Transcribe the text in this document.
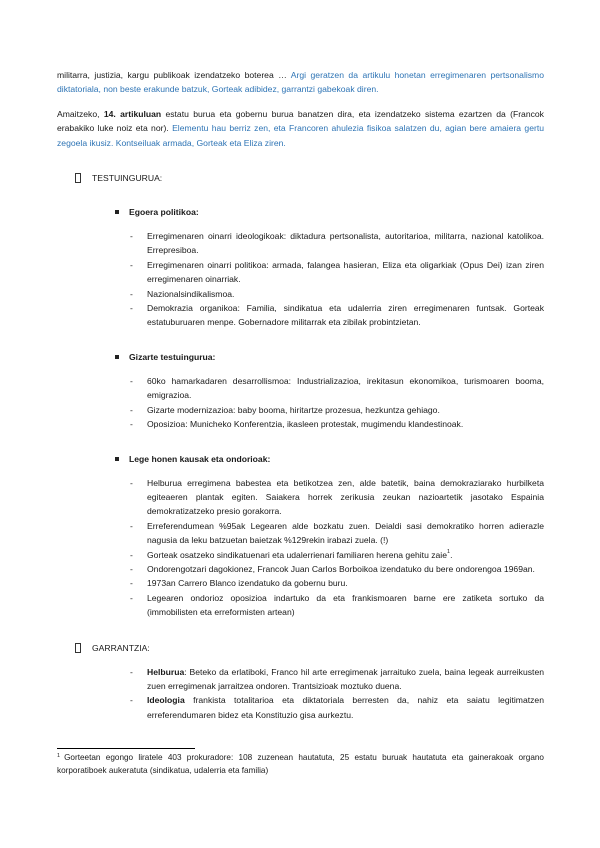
militarra, justizia, kargu publikoak izendatzeko boterea … Argi geratzen da artikulu honetan erregimenaren pertsonalismo diktatoriala, non beste erakunde batzuk, Gorteak adibidez, garrantzi gabekoak diren.

Amaitzeko, 14. artikuluan estatu burua eta gobernu burua banatzen dira, eta izendatzeko sistema ezartzen da (Francok erabakiko luke noiz eta nor). Elementu hau berriz zen, eta Francoren ahulezia fisikoa salatzen du, agian bere amaiera gertu zegoela ikusiz. Kontseiluak armada, Gorteak eta Eliza ziren.

TESTUINGURUA:
Egoera politikoa:
- Erregimenaren oinarri ideologikoak: diktadura pertsonalista, autoritarioa, militarra, nazional katolikoa. Errepresiboa.
- Erregimenaren oinarri politikoa: armada, falangea hasieran, Eliza eta oligarkiak (Opus Dei) izan ziren erregimenaren oinarriak.
- Nazionalsindikalismoa.
- Demokrazia organikoa: Familia, sindikatua eta udalerria ziren erregimenaren funtsak. Gorteak estatuburuaren menpe. Gobernadore militarrak eta zibilak probintzietan.
Gizarte testuingurua:
- 60ko hamarkadaren desarrollismoa: Industrializazioa, irekitasun ekonomikoa, turismoaren booma, emigrazioa.
- Gizarte modernizazioa: baby booma, hiritartze prozesua, hezkuntza gehiago.
- Oposizioa: Municheko Konferentzia, ikasleen protestak, mugimendu klandestinoak.
Lege honen kausak eta ondorioak:
- Helburua erregimena babestea eta betikotzea zen, alde batetik, baina demokraziarako hurbilketa egiteaeren plantak egiten. Saiakera horrek zerikusia zeukan nazioartetik jasotako Espainia demokratizatzeko presio gorakorra.
- Erreferendumean %95ak Legearen alde bozkatu zuen. Deialdi sasi demokratiko horren adierazle nagusia da leku batzuetan baietzak %129rekin irabazi zuela. (!)
- Gorteak osatzeko sindikatuenari eta udalerrienari familiaren herena gehitu zaie$^1$.
- Ondorengotzari dagokionez, Francok Juan Carlos Borboikoa izendatuko du bere ondorengoa 1969an.
- 1973an Carrero Blanco izendatuko da gobernu buru.
- Legearen ondorioz oposizioa indartuko da eta frankismoaren barne ere zatiketa sortuko da (immobilisten eta erreformisten artean)
GARRANTZIA:
- Helburua: Beteko da erlatiboki, Franco hil arte erregimenak jarraituko zuela, baina legeak aurreikusten zuen erregimenak jarraitzea ondoren. Trantsizioak moztuko duena.
- Ideologia frankista totalitarioa eta diktatoriala berresten da, nahiz eta saiatu legitimatzen erreferendumaren bidez eta Konstituzio gisa aurkeztu.
$^1$ Gorteetan egongo liratele 403 prokuradore: 108 zuzenean hautatuta, 25 estatu buruak hautatuta eta gainerakoak organo korporatiboek aukeratuta (sindikatua, udalerria eta familia)
